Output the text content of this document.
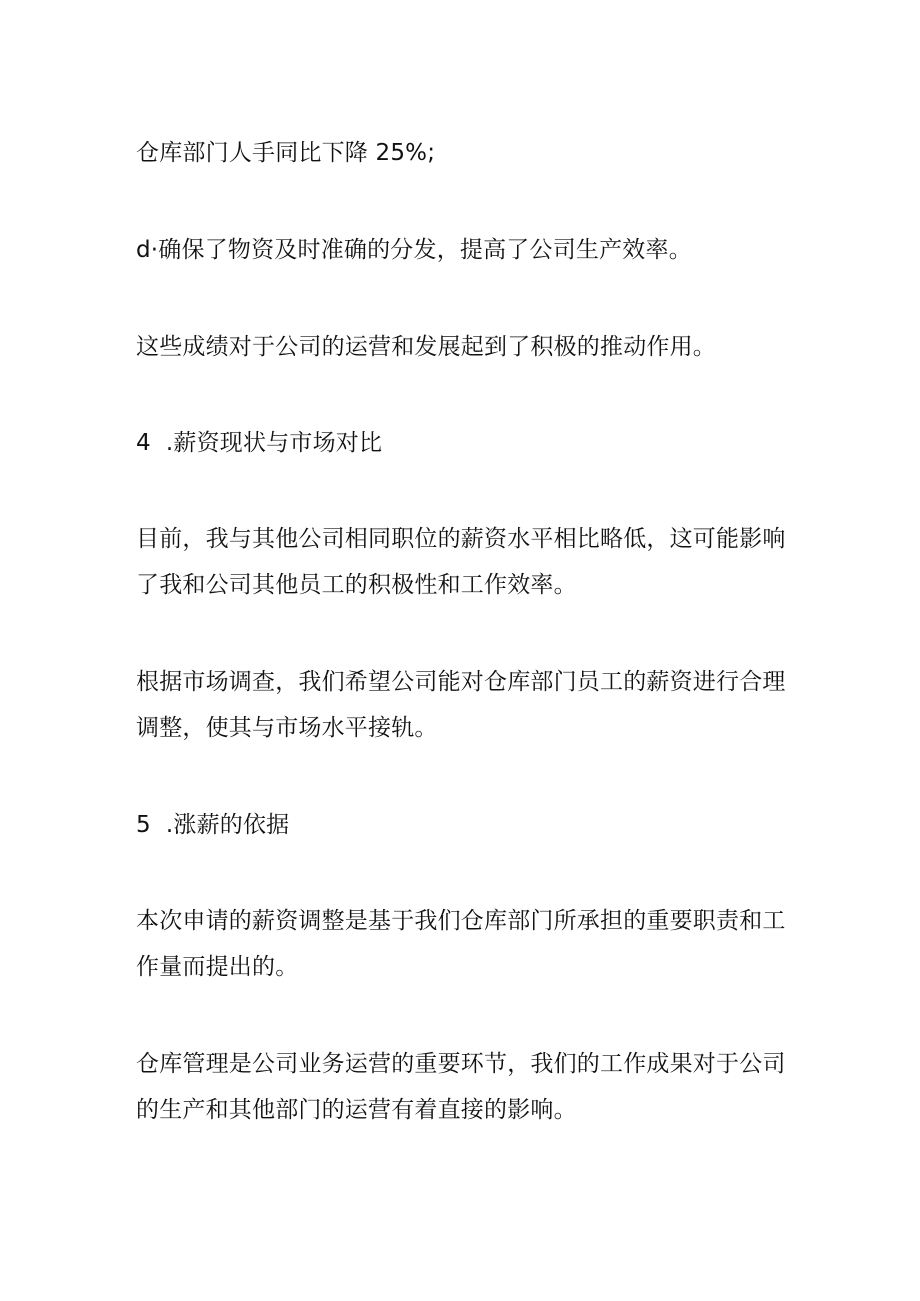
仓库部门人手同比下降 25%;

d·确保了物资及时准确的分发，提高了公司生产效率。

这些成绩对于公司的运营和发展起到了积极的推动作用。

4  .薪资现状与市场对比

目前，我与其他公司相同职位的薪资水平相比略低，这可能影响了我和公司其他员工的积极性和工作效率。

根据市场调查，我们希望公司能对仓库部门员工的薪资进行合理调整，使其与市场水平接轨。

5  .涨薪的依据

本次申请的薪资调整是基于我们仓库部门所承担的重要职责和工作量而提出的。

仓库管理是公司业务运营的重要环节，我们的工作成果对于公司的生产和其他部门的运营有着直接的影响。
